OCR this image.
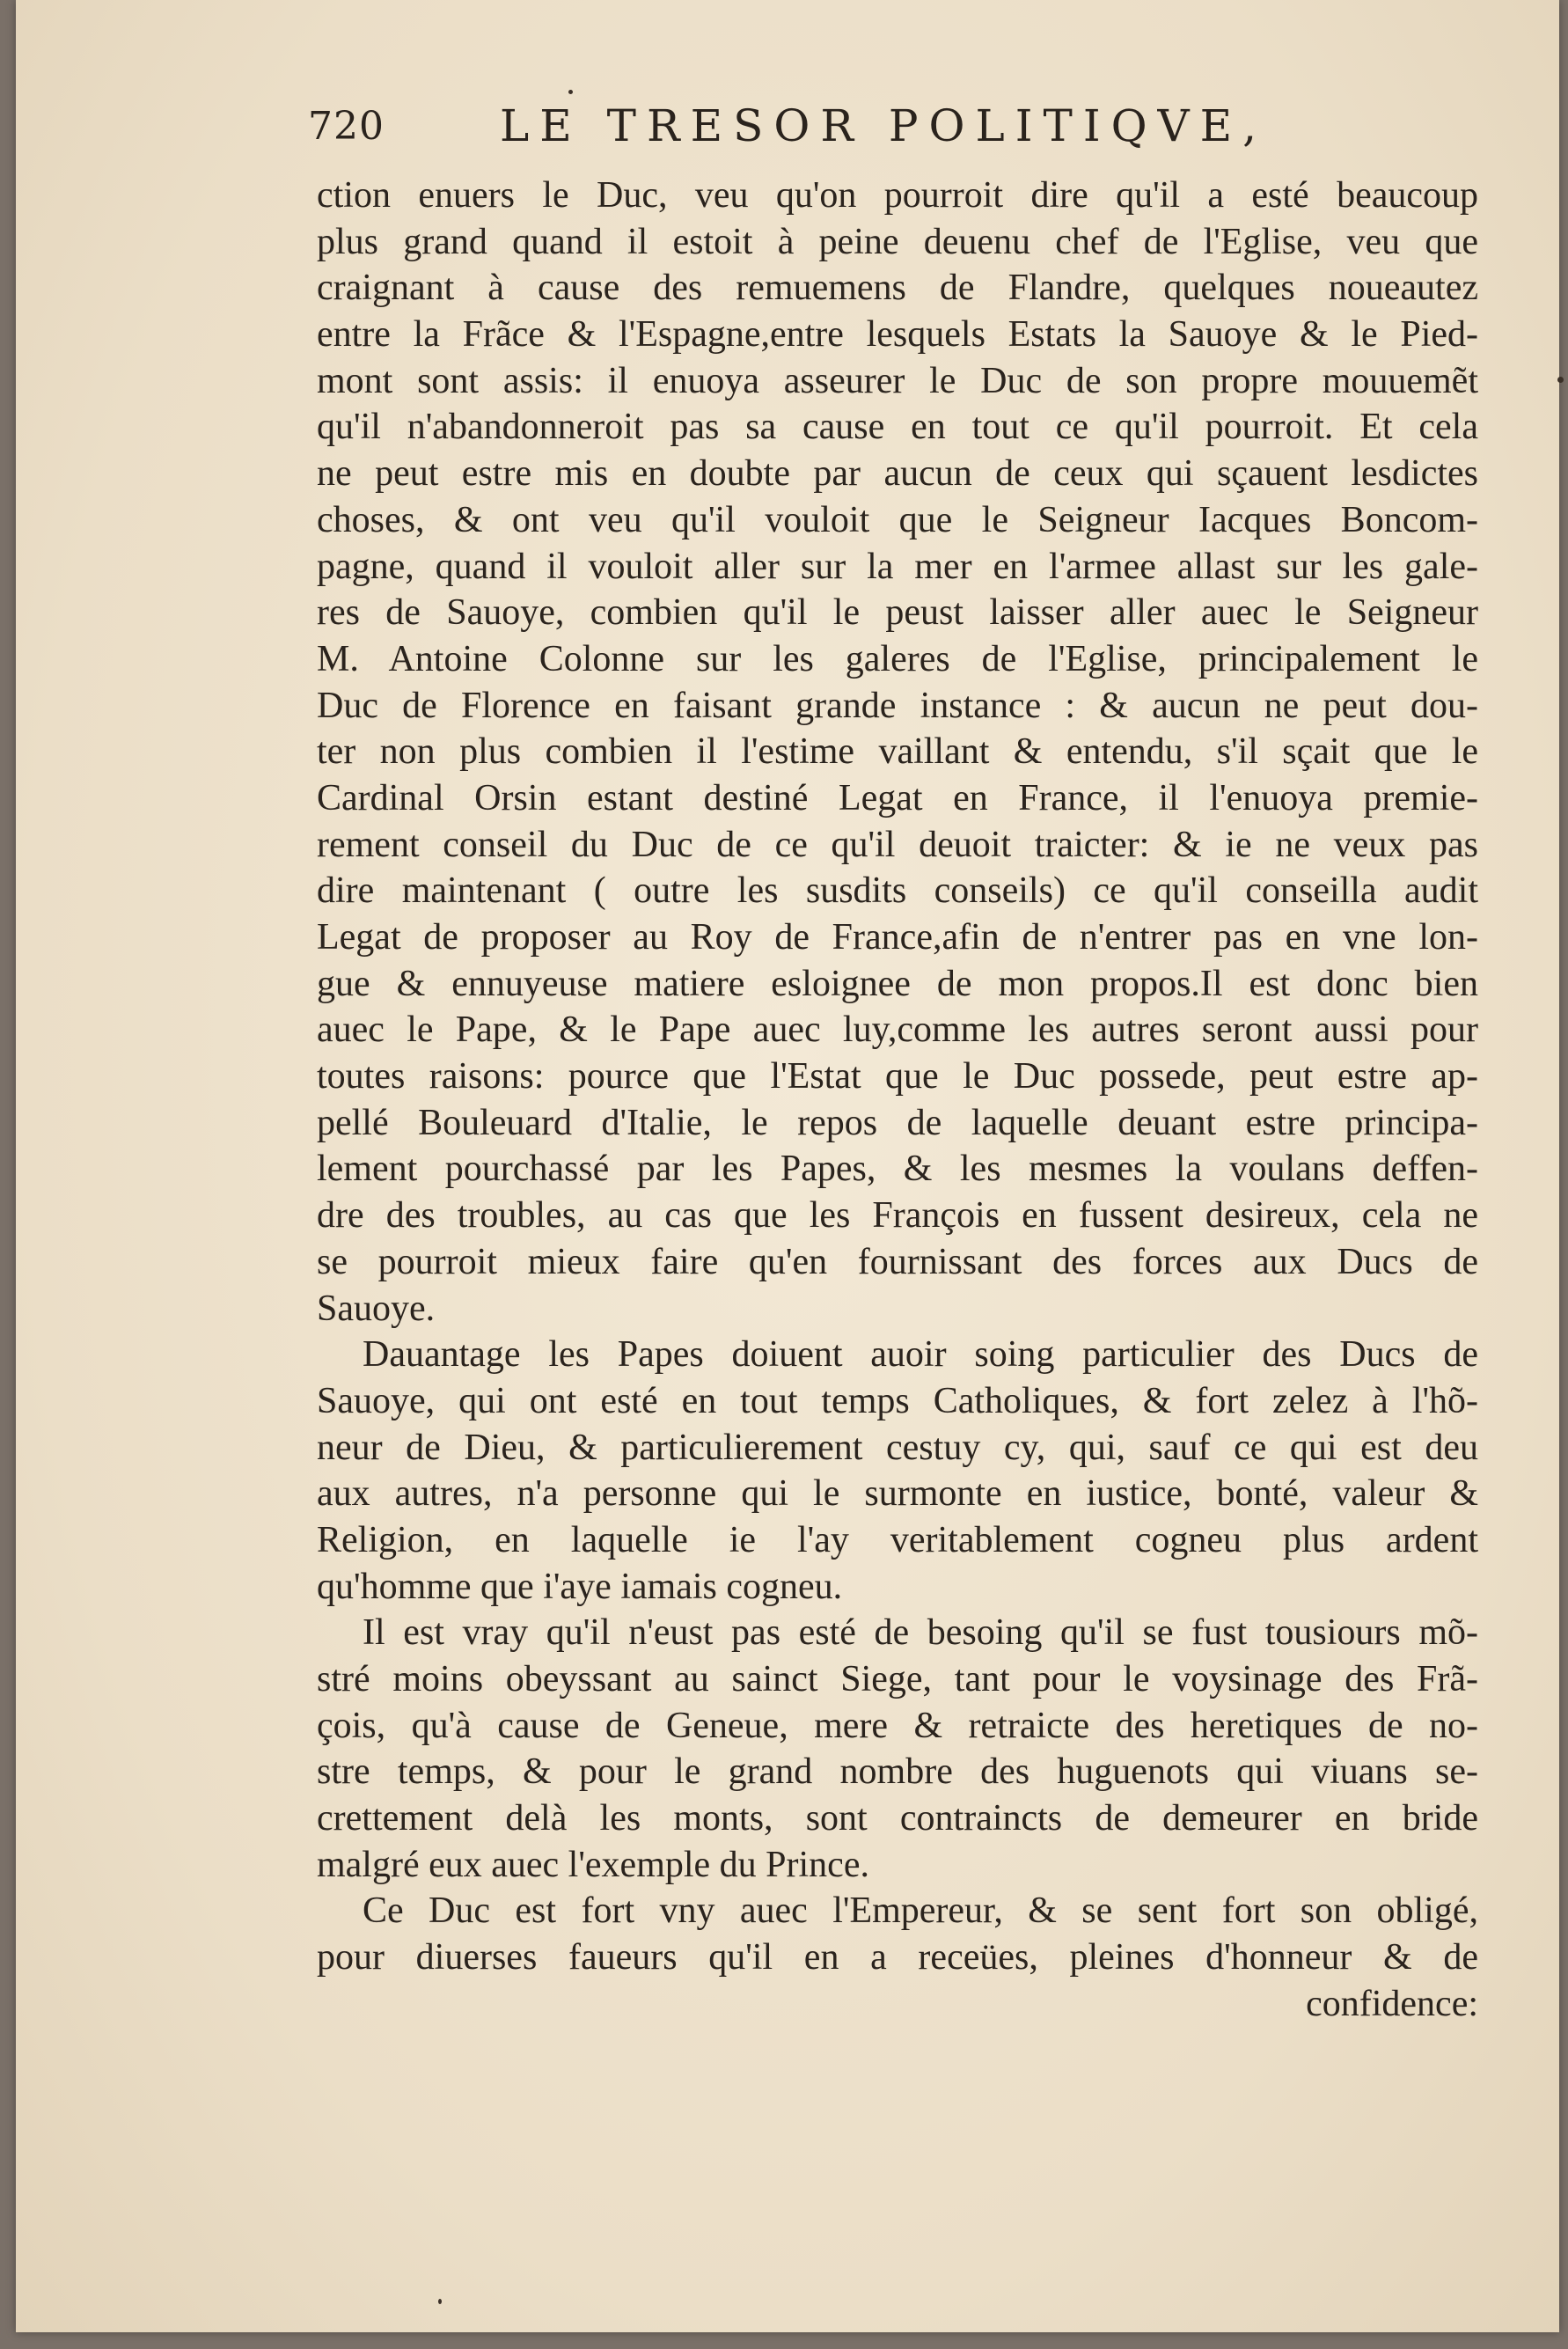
720	LE TRESOR POLITIQVE,
ction enuers le Duc, veu qu'on pourroit dire qu'il a esté beaucoup
plus grand quand il estoit à peine deuenu chef de l'Eglise, veu que
craignant à cause des remuemens de Flandre, quelques noueautez
entre la Frãce & l'Espagne,entre lesquels Estats la Sauoye & le Pied-
mont sont assis: il enuoya asseurer le Duc de son propre mouuemẽt
qu'il n'abandonneroit pas sa cause en tout ce qu'il pourroit. Et cela
ne peut estre mis en doubte par aucun de ceux qui sçauent lesdictes
choses, & ont veu qu'il vouloit que le Seigneur Iacques Boncom-
pagne, quand il vouloit aller sur la mer en l'armee allast sur les gale-
res de Sauoye, combien qu'il le peust laisser aller auec le Seigneur
M. Antoine Colonne sur les galeres de l'Eglise, principalement le
Duc de Florence en faisant grande instance : & aucun ne peut dou-
ter non plus combien il l'estime vaillant & entendu, s'il sçait que le
Cardinal Orsin estant destiné Legat en France, il l'enuoya premie-
rement conseil du Duc de ce qu'il deuoit traicter: & ie ne veux pas
dire maintenant ( outre les susdits conseils) ce qu'il conseilla audit
Legat de proposer au Roy de France,afin de n'entrer pas en vne lon-
gue & ennuyeuse matiere esloignee de mon propos.Il est donc bien
auec le Pape, & le Pape auec luy,comme les autres seront aussi pour
toutes raisons: pource que l'Estat que le Duc possede, peut estre ap-
pellé Bouleuard d'Italie, le repos de laquelle deuant estre principa-
lement pourchassé par les Papes, & les mesmes la voulans deffen-
dre des troubles, au cas que les François en fussent desireux, cela ne
se pourroit mieux faire qu'en fournissant des forces aux Ducs de
Sauoye.
Dauantage les Papes doiuent auoir soing particulier des Ducs de
Sauoye, qui ont esté en tout temps Catholiques, & fort zelez à l'hõ-
neur de Dieu, & particulierement cestuy cy, qui, sauf ce qui est deu
aux autres, n'a personne qui le surmonte en iustice, bonté, valeur &
Religion, en laquelle ie l'ay veritablement cogneu plus ardent
qu'homme que i'aye iamais cogneu.
Il est vray qu'il n'eust pas esté de besoing qu'il se fust tousiours mõ-
stré moins obeyssant au sainct Siege, tant pour le voysinage des Frã-
çois, qu'à cause de Geneue, mere & retraicte des heretiques de no-
stre temps, & pour le grand nombre des huguenots qui viuans se-
crettement delà les monts, sont contraincts de demeurer en bride
malgré eux auec l'exemple du Prince.
Ce Duc est fort vny auec l'Empereur, & se sent fort son obligé,
pour diuerses faueurs qu'il en a receües, pleines d'honneur & de
confidence:
